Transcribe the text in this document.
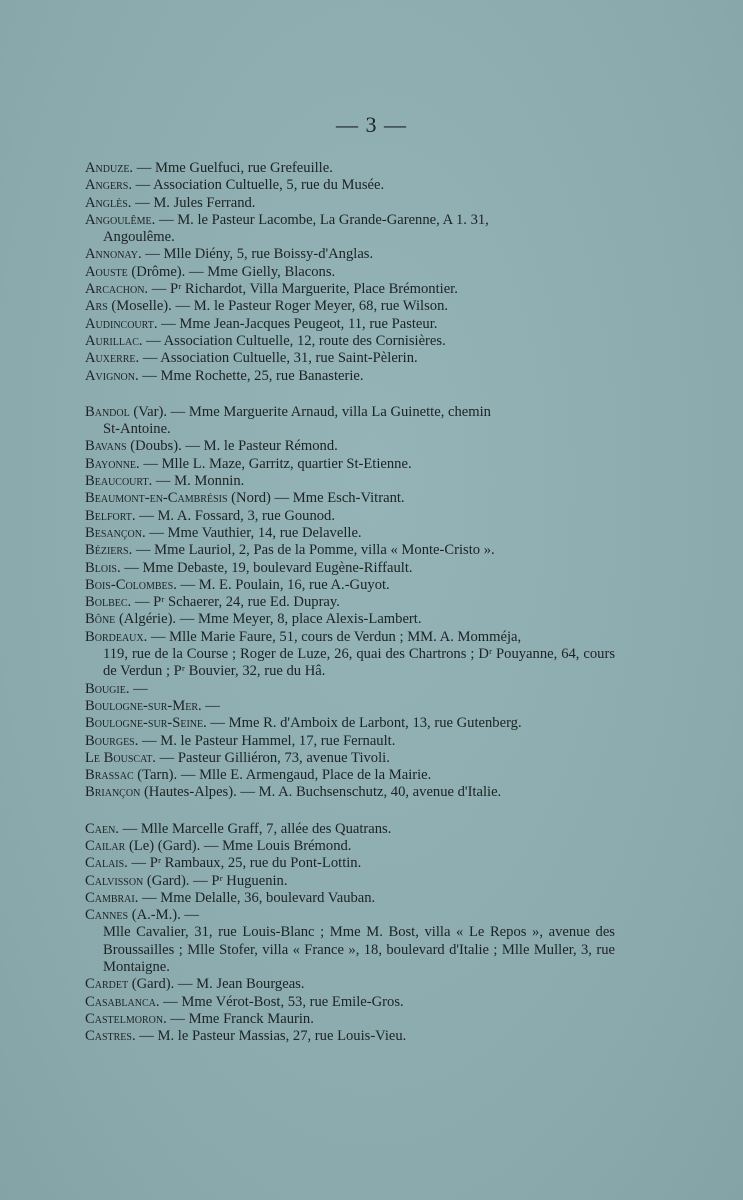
— 3 —
Anduze. — Mme Guelfuci, rue Grefeuille.
Angers. — Association Cultuelle, 5, rue du Musée.
Anglès. — M. Jules Ferrand.
Angoulême. — M. le Pasteur Lacombe, La Grande-Garenne, A 1. 31,
Angoulême.
Annonay. — Mlle Diény, 5, rue Boissy-d'Anglas.
Aouste (Drôme). — Mme Gielly, Blacons.
Arcachon. — Pʳ Richardot, Villa Marguerite, Place Brémontier.
Ars (Moselle). — M. le Pasteur Roger Meyer, 68, rue Wilson.
Audincourt. — Mme Jean-Jacques Peugeot, 11, rue Pasteur.
Aurillac. — Association Cultuelle, 12, route des Cornisières.
Auxerre. — Association Cultuelle, 31, rue Saint-Pèlerin.
Avignon. — Mme Rochette, 25, rue Banasterie.
Bandol (Var). — Mme Marguerite Arnaud, villa La Guinette, chemin
St-Antoine.
Bavans (Doubs). — M. le Pasteur Rémond.
Bayonne. — Mlle L. Maze, Garritz, quartier St-Etienne.
Beaucourt. — M. Monnin.
Beaumont-en-Cambrésis (Nord) — Mme Esch-Vitrant.
Belfort. — M. A. Fossard, 3, rue Gounod.
Besançon. — Mme Vauthier, 14, rue Delavelle.
Béziers. — Mme Lauriol, 2, Pas de la Pomme, villa « Monte-Cristo ».
Blois. — Mme Debaste, 19, boulevard Eugène-Riffault.
Bois-Colombes. — M. E. Poulain, 16, rue A.-Guyot.
Bolbec. — Pʳ Schaerer, 24, rue Ed. Dupray.
Bône (Algérie). — Mme Meyer, 8, place Alexis-Lambert.
Bordeaux. — Mlle Marie Faure, 51, cours de Verdun ; MM. A. Momméja,
119, rue de la Course ; Roger de Luze, 26, quai des Chartrons ; Dʳ Pouyanne, 64, cours de Verdun ; Pʳ Bouvier, 32, rue du Hâ.
Bougie. —
Boulogne-sur-Mer. —
Boulogne-sur-Seine. — Mme R. d'Amboix de Larbont, 13, rue Gutenberg.
Bourges. — M. le Pasteur Hammel, 17, rue Fernault.
Le Bouscat. — Pasteur Gilliéron, 73, avenue Tivoli.
Brassac (Tarn). — Mlle E. Armengaud, Place de la Mairie.
Briançon (Hautes-Alpes). — M. A. Buchsenschutz, 40, avenue d'Italie.
Caen. — Mlle Marcelle Graff, 7, allée des Quatrans.
Cailar (Le) (Gard). — Mme Louis Brémond.
Calais. — Pʳ Rambaux, 25, rue du Pont-Lottin.
Calvisson (Gard). — Pʳ Huguenin.
Cambrai. — Mme Delalle, 36, boulevard Vauban.
Cannes (A.-M.). —
Mlle Cavalier, 31, rue Louis-Blanc ; Mme M. Bost, villa « Le Repos », avenue des Broussailles ; Mlle Stofer, villa « France », 18, boulevard d'Italie ; Mlle Muller, 3, rue Montaigne.
Cardet (Gard). — M. Jean Bourgeas.
Casablanca. — Mme Vérot-Bost, 53, rue Emile-Gros.
Castelmoron. — Mme Franck Maurin.
Castres. — M. le Pasteur Massias, 27, rue Louis-Vieu.
